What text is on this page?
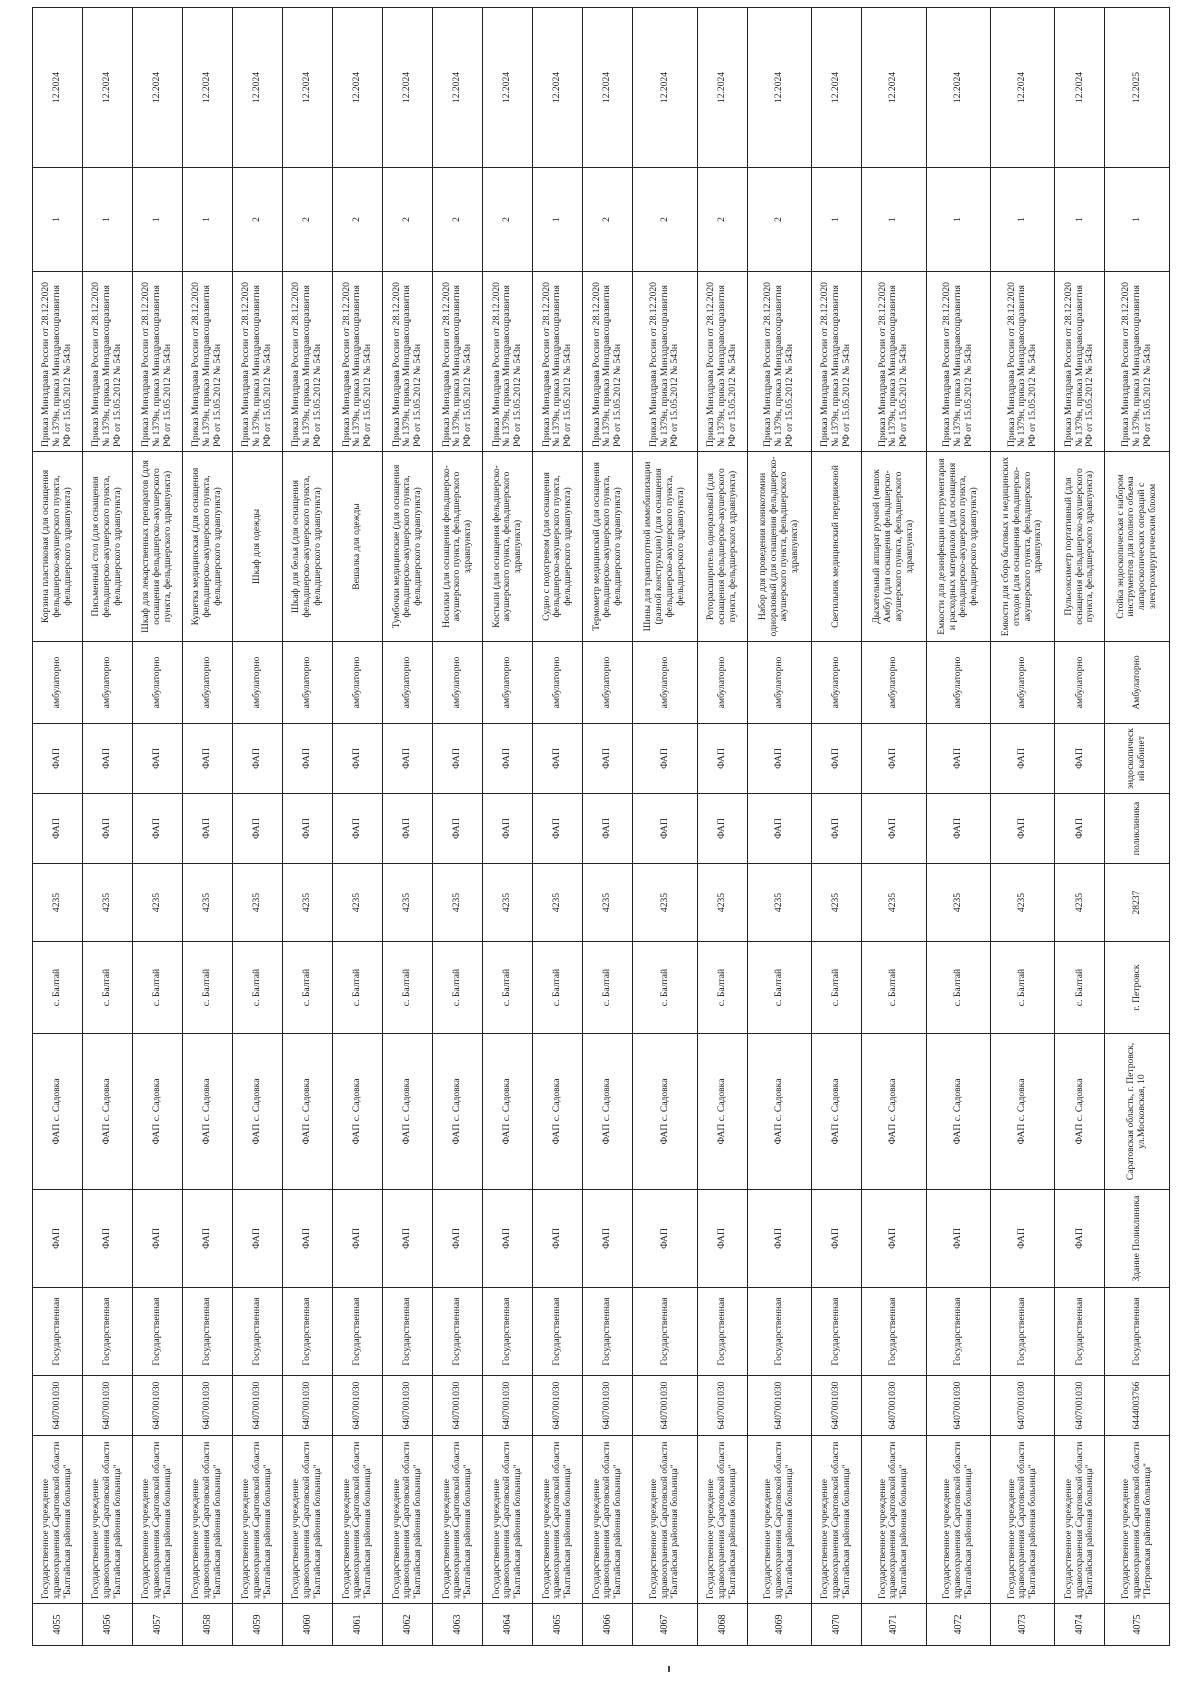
4055	Государственное учреждение здравоохранения Саратовской области "Балтайская районная больница"	6407001030	Государственная	ФАП	ФАП с. Садовка	с. Балтай	4235	ФАП	ФАП	амбулаторно	Корзина пластиковая (для оснащения фельдшерско-акушерского пункта, фельдшерского здравпункта)	Приказ Минздрава России от 28.12.2020 № 1379н, приказ Минздравсоцразвития РФ от 15.05.2012 № 543н	1	12.2024
4056	Государственное учреждение здравоохранения Саратовской области "Балтайская районная больница"	6407001030	Государственная	ФАП	ФАП с. Садовка	с. Балтай	4235	ФАП	ФАП	амбулаторно	Письменный стол (для оснащения фельдшерско-акушерского пункта, фельдшерского здравпункта)	Приказ Минздрава России от 28.12.2020 № 1379н, приказ Минздравсоцразвития РФ от 15.05.2012 № 543н	1	12.2024
4057	Государственное учреждение здравоохранения Саратовской области "Балтайская районная больница"	6407001030	Государственная	ФАП	ФАП с. Садовка	с. Балтай	4235	ФАП	ФАП	амбулаторно	Шкаф для лекарственных препаратов (для оснащения фельдшерско-акушерского пункта, фельдшерского здравпункта)	Приказ Минздрава России от 28.12.2020 № 1379н, приказ Минздравсоцразвития РФ от 15.05.2012 № 543н	1	12.2024
4058	Государственное учреждение здравоохранения Саратовской области "Балтайская районная больница"	6407001030	Государственная	ФАП	ФАП с. Садовка	с. Балтай	4235	ФАП	ФАП	амбулаторно	Кушетка медицинская (для оснащения фельдшерско-акушерского пункта, фельдшерского здравпункта)	Приказ Минздрава России от 28.12.2020 № 1379н, приказ Минздравсоцразвития РФ от 15.05.2012 № 543н	1	12.2024
4059	Государственное учреждение здравоохранения Саратовской области "Балтайская районная больница"	6407001030	Государственная	ФАП	ФАП с. Садовка	с. Балтай	4235	ФАП	ФАП	амбулаторно	Шкаф для одежды	Приказ Минздрава России от 28.12.2020 № 1379н, приказ Минздравсоцразвития РФ от 15.05.2012 № 543н	2	12.2024
4060	Государственное учреждение здравоохранения Саратовской области "Балтайская районная больница"	6407001030	Государственная	ФАП	ФАП с. Садовка	с. Балтай	4235	ФАП	ФАП	амбулаторно	Шкаф для белья (для оснащения фельдшерско-акушерского пункта, фельдшерского здравпункта)	Приказ Минздрава России от 28.12.2020 № 1379н, приказ Минздравсоцразвития РФ от 15.05.2012 № 543н	2	12.2024
4061	Государственное учреждение здравоохранения Саратовской области "Балтайская районная больница"	6407001030	Государственная	ФАП	ФАП с. Садовка	с. Балтай	4235	ФАП	ФАП	амбулаторно	Вешалка для одежды	Приказ Минздрава России от 28.12.2020 № 1379н, приказ Минздравсоцразвития РФ от 15.05.2012 № 543н	2	12.2024
4062	Государственное учреждение здравоохранения Саратовской области "Балтайская районная больница"	6407001030	Государственная	ФАП	ФАП с. Садовка	с. Балтай	4235	ФАП	ФАП	амбулаторно	Тумбочки медицинские (для оснащения фельдшерско-акушерского пункта, фельдшерского здравпункта)	Приказ Минздрава России от 28.12.2020 № 1379н, приказ Минздравсоцразвития РФ от 15.05.2012 № 543н	2	12.2024
4063	Государственное учреждение здравоохранения Саратовской области "Балтайская районная больница"	6407001030	Государственная	ФАП	ФАП с. Садовка	с. Балтай	4235	ФАП	ФАП	амбулаторно	Носилки (для оснащения фельдшерско-акушерского пункта, фельдшерского здравпункта)	Приказ Минздрава России от 28.12.2020 № 1379н, приказ Минздравсоцразвития РФ от 15.05.2012 № 543н	2	12.2024
4064	Государственное учреждение здравоохранения Саратовской области "Балтайская районная больница"	6407001030	Государственная	ФАП	ФАП с. Садовка	с. Балтай	4235	ФАП	ФАП	амбулаторно	Костыли (для оснащения фельдшерско-акушерского пункта, фельдшерского здравпункта)	Приказ Минздрава России от 28.12.2020 № 1379н, приказ Минздравсоцразвития РФ от 15.05.2012 № 543н	2	12.2024
4065	Государственное учреждение здравоохранения Саратовской области "Балтайская районная больница"	6407001030	Государственная	ФАП	ФАП с. Садовка	с. Балтай	4235	ФАП	ФАП	амбулаторно	Судно с подогревом (для оснащения фельдшерско-акушерского пункта, фельдшерского здравпункта)	Приказ Минздрава России от 28.12.2020 № 1379н, приказ Минздравсоцразвития РФ от 15.05.2012 № 543н	1	12.2024
4066	Государственное учреждение здравоохранения Саратовской области "Балтайская районная больница"	6407001030	Государственная	ФАП	ФАП с. Садовка	с. Балтай	4235	ФАП	ФАП	амбулаторно	Термометр медицинский (для оснащения фельдшерско-акушерского пункта, фельдшерского здравпункта)	Приказ Минздрава России от 28.12.2020 № 1379н, приказ Минздравсоцразвития РФ от 15.05.2012 № 543н	2	12.2024
4067	Государственное учреждение здравоохранения Саратовской области "Балтайская районная больница"	6407001030	Государственная	ФАП	ФАП с. Садовка	с. Балтай	4235	ФАП	ФАП	амбулаторно	Шины для транспортной иммобилизации (разной конструкции) (для оснащения фельдшерско-акушерского пункта, фельдшерского здравпункта)	Приказ Минздрава России от 28.12.2020 № 1379н, приказ Минздравсоцразвития РФ от 15.05.2012 № 543н	2	12.2024
4068	Государственное учреждение здравоохранения Саратовской области "Балтайская районная больница"	6407001030	Государственная	ФАП	ФАП с. Садовка	с. Балтай	4235	ФАП	ФАП	амбулаторно	Роторасширитель одноразовый (для оснащения фельдшерско-акушерского пункта, фельдшерского здравпункта)	Приказ Минздрава России от 28.12.2020 № 1379н, приказ Минздравсоцразвития РФ от 15.05.2012 № 543н	2	12.2024
4069	Государственное учреждение здравоохранения Саратовской области "Балтайская районная больница"	6407001030	Государственная	ФАП	ФАП с. Садовка	с. Балтай	4235	ФАП	ФАП	амбулаторно	Набор для проведения коникотомии одноразовый (для оснащения фельдшерско-акушерского пункта, фельдшерского здравпункта)	Приказ Минздрава России от 28.12.2020 № 1379н, приказ Минздравсоцразвития РФ от 15.05.2012 № 543н	2	12.2024
4070	Государственное учреждение здравоохранения Саратовской области "Балтайская районная больница"	6407001030	Государственная	ФАП	ФАП с. Садовка	с. Балтай	4235	ФАП	ФАП	амбулаторно	Светильник медицинский передвижной	Приказ Минздрава России от 28.12.2020 № 1379н, приказ Минздравсоцразвития РФ от 15.05.2012 № 543н	1	12.2024
4071	Государственное учреждение здравоохранения Саратовской области "Балтайская районная больница"	6407001030	Государственная	ФАП	ФАП с. Садовка	с. Балтай	4235	ФАП	ФАП	амбулаторно	Дыхательный аппарат ручной (мешок Амбу) (для оснащения фельдшерско-акушерского пункта, фельдшерского здравпункта)	Приказ Минздрава России от 28.12.2020 № 1379н, приказ Минздравсоцразвития РФ от 15.05.2012 № 543н	1	12.2024
4072	Государственное учреждение здравоохранения Саратовской области "Балтайская районная больница"	6407001030	Государственная	ФАП	ФАП с. Садовка	с. Балтай	4235	ФАП	ФАП	амбулаторно	Емкости для дезинфекции инструментария и расходных материалов (для оснащения фельдшерско-акушерского пункта, фельдшерского здравпункта)	Приказ Минздрава России от 28.12.2020 № 1379н, приказ Минздравсоцразвития РФ от 15.05.2012 № 543н	1	12.2024
4073	Государственное учреждение здравоохранения Саратовской области "Балтайская районная больница"	6407001030	Государственная	ФАП	ФАП с. Садовка	с. Балтай	4235	ФАП	ФАП	амбулаторно	Емкости для сбора бытовых и медицинских отходов (для оснащения фельдшерско-акушерского пункта, фельдшерского здравпункта)	Приказ Минздрава России от 28.12.2020 № 1379н, приказ Минздравсоцразвития РФ от 15.05.2012 № 543н	1	12.2024
4074	Государственное учреждение здравоохранения Саратовской области "Балтайская районная больница"	6407001030	Государственная	ФАП	ФАП с. Садовка	с. Балтай	4235	ФАП	ФАП	амбулаторно	Пульсоксиметр портативный (для оснащения фельдшерско-акушерского пункта, фельдшерского здравпункта)	Приказ Минздрава России от 28.12.2020 № 1379н, приказ Минздравсоцразвития РФ от 15.05.2012 № 543н	1	12.2024
4075	Государственное учреждение здравоохранения Саратовской области "Петровская районная больница"	6444003766	Государственная	Здание Поликлиника	Саратовская область, г. Петровск, ул.Московская, 10	г. Петровск	28237	поликлиника	эндоскопический кабинет	Амбулаторно	Стойка эндоскопическая с набором инструментов для полного объема лапароскопических операций с электрохирургическим блоком	Приказ Минздрава России от 28.12.2020 № 1379н, приказ Минздравсоцразвития РФ от 15.05.2012 № 543н	1	12.2025
